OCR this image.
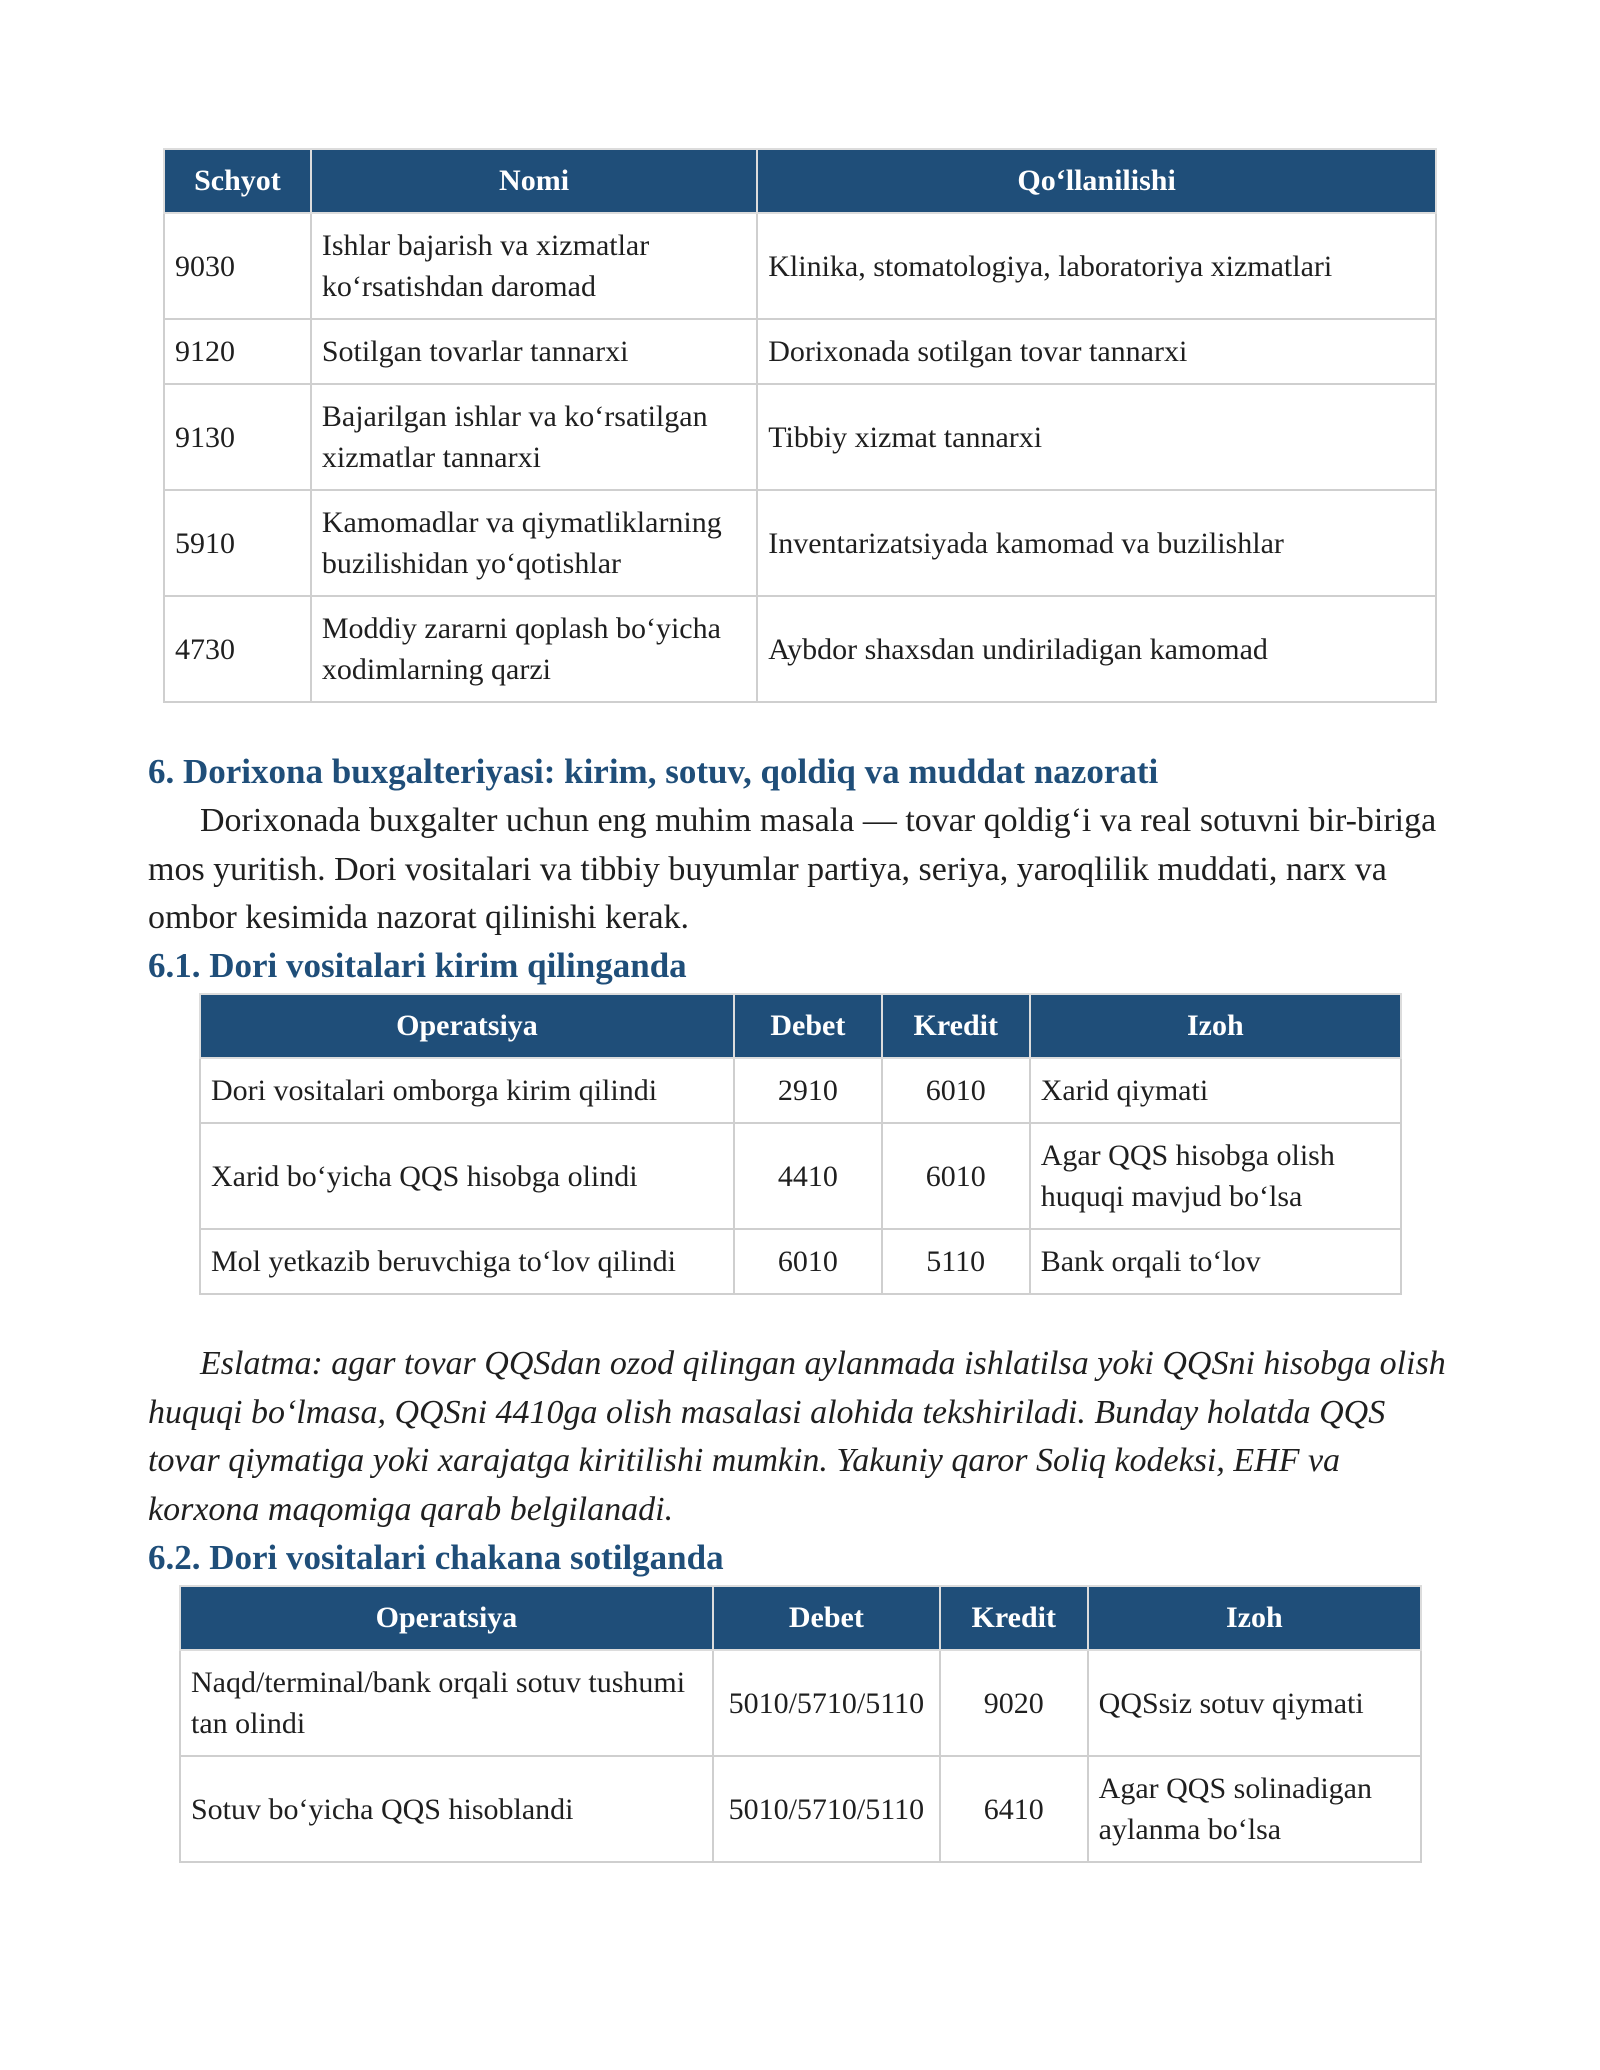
Schyot	Nomi	Qo‘llanilishi
9030	Ishlar bajarish va xizmatlar ko‘rsatishdan daromad	Klinika, stomatologiya, laboratoriya xizmatlari
9120	Sotilgan tovarlar tannarxi	Dorixonada sotilgan tovar tannarxi
9130	Bajarilgan ishlar va ko‘rsatilgan xizmatlar tannarxi	Tibbiy xizmat tannarxi
5910	Kamomadlar va qiymatliklarning buzilishidan yo‘qotishlar	Inventarizatsiyada kamomad va buzilishlar
4730	Moddiy zararni qoplash bo‘yicha xodimlarning qarzi	Aybdor shaxsdan undiriladigan kamomad
6. Dorixona buxgalteriyasi: kirim, sotuv, qoldiq va muddat nazorati

Dorixonada buxgalter uchun eng muhim masala — tovar qoldig‘i va real sotuvni bir-biriga mos yuritish. Dori vositalari va tibbiy buyumlar partiya, seriya, yaroqlilik muddati, narx va ombor kesimida nazorat qilinishi kerak.

6.1. Dori vositalari kirim qilinganda
Operatsiya	Debet	Kredit	Izoh
Dori vositalari omborga kirim qilindi	2910	6010	Xarid qiymati
Xarid bo‘yicha QQS hisobga olindi	4410	6010	Agar QQS hisobga olish huquqi mavjud bo‘lsa
Mol yetkazib beruvchiga to‘lov qilindi	6010	5110	Bank orqali to‘lov

Eslatma: agar tovar QQSdan ozod qilingan aylanmada ishlatilsa yoki QQSni hisobga olish huquqi bo‘lmasa, QQSni 4410ga olish masalasi alohida tekshiriladi. Bunday holatda QQS tovar qiymatiga yoki xarajatga kiritilishi mumkin. Yakuniy qaror Soliq kodeksi, EHF va korxona maqomiga qarab belgilanadi.

6.2. Dori vositalari chakana sotilganda
Operatsiya	Debet	Kredit	Izoh
Naqd/terminal/bank orqali sotuv tushumi tan olindi	5010/5710/5110	9020	QQSsiz sotuv qiymati
Sotuv bo‘yicha QQS hisoblandi	5010/5710/5110	6410	Agar QQS solinadigan aylanma bo‘lsa
